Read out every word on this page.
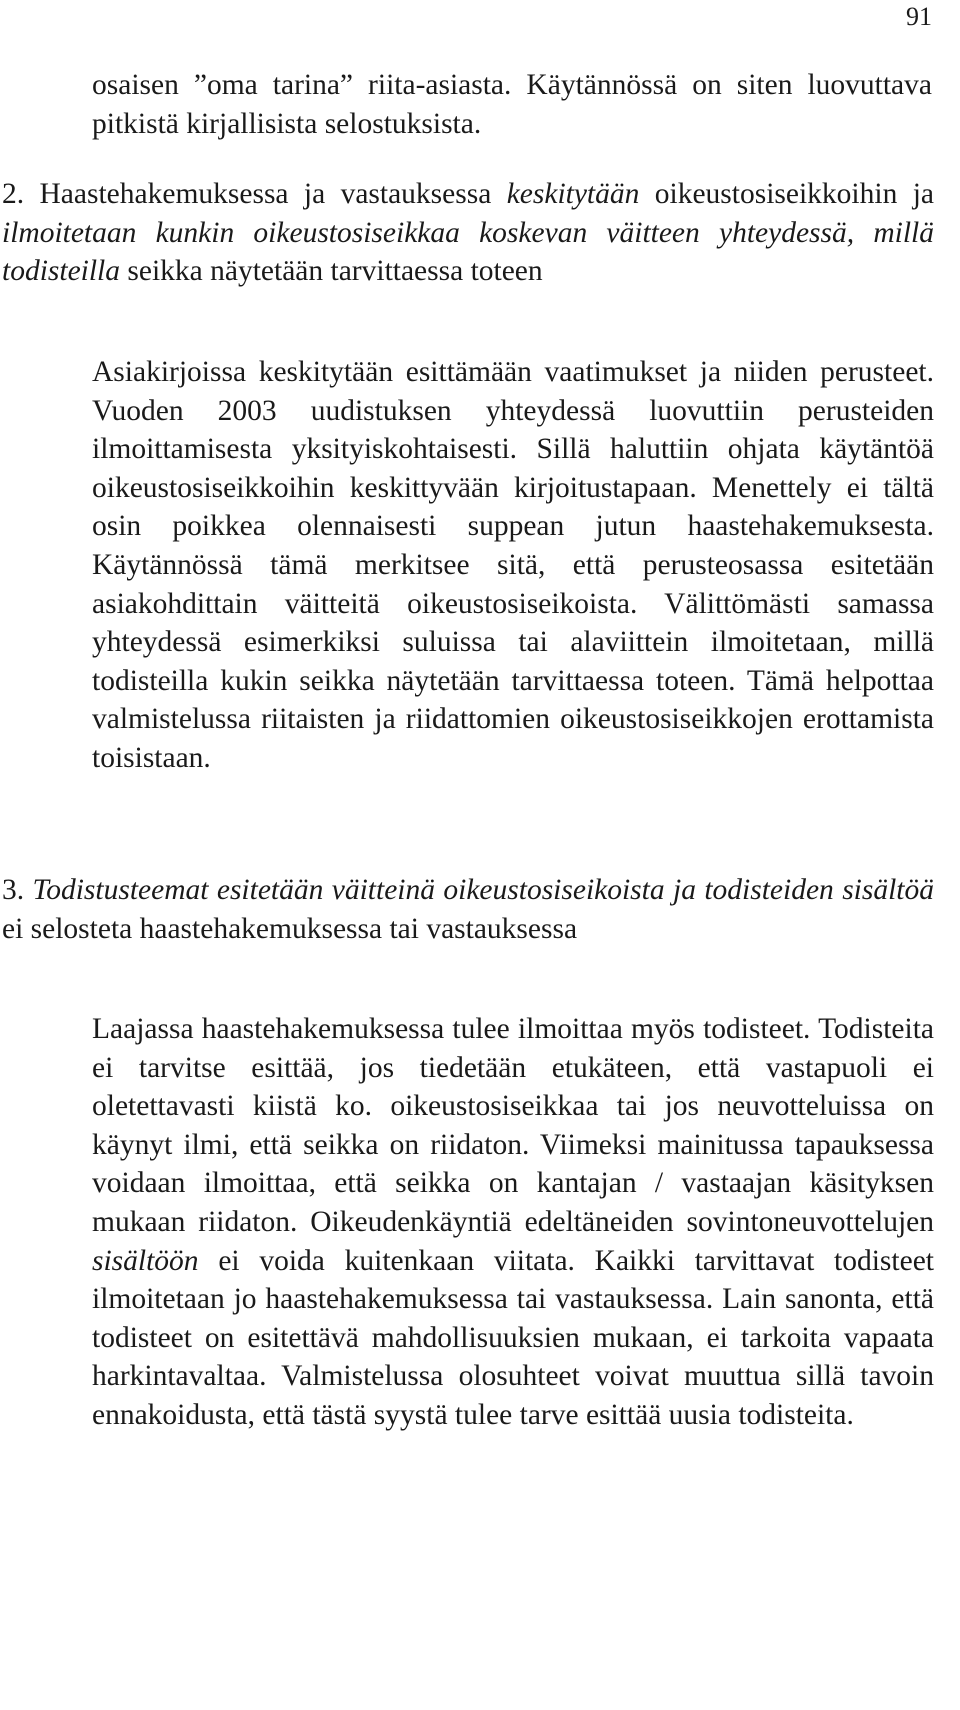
91

osaisen ”oma tarina” riita-asiasta. Käytännössä on siten luovuttava pitkistä kirjallisista selostuksista.

2. Haastehakemuksessa ja vastauksessa keskitytään oikeustosiseikkoihin ja ilmoitetaan kunkin oikeustosiseikkaa koskevan väitteen yhteydessä, millä todisteilla seikka näytetään tarvittaessa toteen

Asiakirjoissa keskitytään esittämään vaatimukset ja niiden perusteet. Vuoden 2003 uudistuksen yhteydessä luovuttiin perusteiden ilmoittamisesta yksityiskohtaisesti. Sillä haluttiin ohjata käytäntöä oikeustosiseikkoihin keskittyvään kirjoitustapaan. Menettely ei tältä osin poikkea olennaisesti suppean jutun haastehakemuksesta. Käytännössä tämä merkitsee sitä, että perusteosassa esitetään asiakohdittain väitteitä oikeustosiseikoista. Välittömästi samassa yhteydessä esimerkiksi suluissa tai alaviittein ilmoitetaan, millä todisteilla kukin seikka näytetään tarvittaessa toteen. Tämä helpottaa valmistelussa riitaisten ja riidattomien oikeustosiseikkojen erottamista toisistaan.

3. Todistusteemat esitetään väitteinä oikeustosiseikoista ja todisteiden sisältöä ei selosteta haastehakemuksessa tai vastauksessa

Laajassa haastehakemuksessa tulee ilmoittaa myös todisteet. Todisteita ei tarvitse esittää, jos tiedetään etukäteen, että vastapuoli ei oletettavasti kiistä ko. oikeustosiseikkaa tai jos neuvotteluissa on käynyt ilmi, että seikka on riidaton. Viimeksi mainitussa tapauksessa voidaan ilmoittaa, että seikka on kantajan / vastaajan käsityksen mukaan riidaton. Oikeudenkäyntiä edeltäneiden sovintoneuvottelujen sisältöön ei voida kuitenkaan viitata. Kaikki tarvittavat todisteet ilmoitetaan jo haastehakemuksessa tai vastauksessa. Lain sanonta, että todisteet on esitettävä mahdollisuuksien mukaan, ei tarkoita vapaata harkintavaltaa. Valmistelussa olosuhteet voivat muuttua sillä tavoin ennakoidusta, että tästä syystä tulee tarve esittää uusia todisteita.
